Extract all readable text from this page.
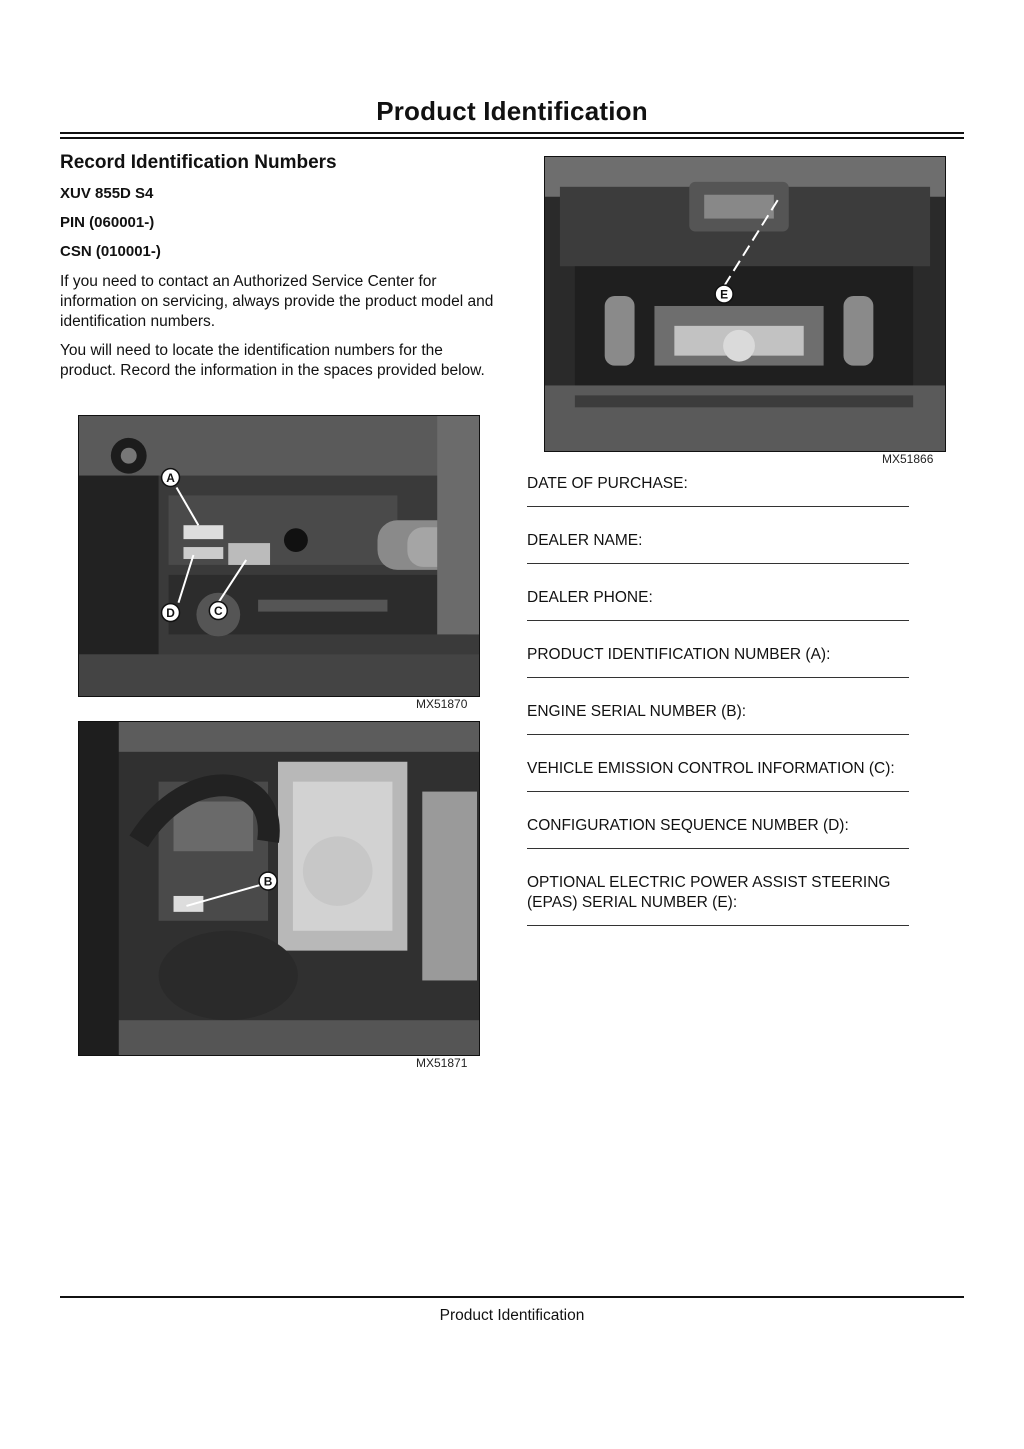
Product Identification
Record Identification Numbers
XUV 855D S4
PIN (060001-)
CSN (010001-)

If you need to contact an Authorized Service Center for information on servicing, always provide the product model and identification numbers.

You will need to locate the identification numbers for the product. Record the information in the spaces provided below.

A
D	C
MX51870
B
MX51871
E
MX51866
DATE OF PURCHASE:
DEALER NAME:
DEALER PHONE:
PRODUCT IDENTIFICATION NUMBER (A):
ENGINE SERIAL NUMBER (B):
VEHICLE EMISSION CONTROL INFORMATION (C):
CONFIGURATION SEQUENCE NUMBER (D):
OPTIONAL ELECTRIC POWER ASSIST STEERING
(EPAS) SERIAL NUMBER (E):
Product Identification
